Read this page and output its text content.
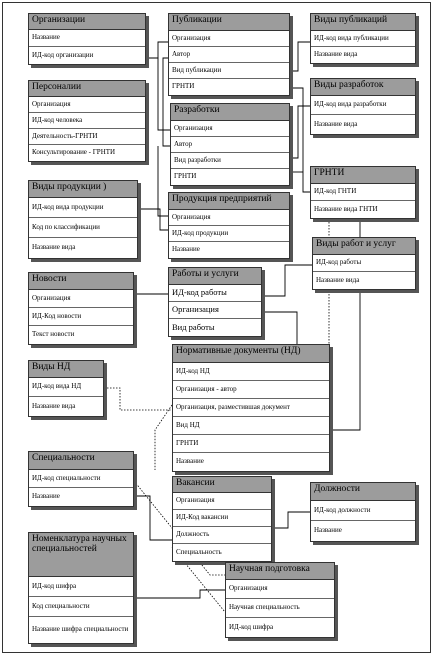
Организации
Название
ИД-код организации
Персоналии
Организация
ИД-код человека
Деятельность-ГРНТИ
Консультирование - ГРНТИ
Публикации
Организация
Автор
Вид публикации
ГРНТИ
Виды публикаций
ИД-код вида публикации
Название вида
Разработки
Организация
Автор
Вид разработки
ГРНТИ
Виды разработок
ИД-код вида разработки
Название вида
Виды продукции )
ИД-код вида продукции
Код по классификации
Название вида
Продукция предприятий
Организация
ИД-код продукции
Название
ГРНТИ
ИД-код ГНТИ
Название вида ГНТИ
Виды работ и услуг
ИД-код работы
Название вида
Новости
Организация
ИД-Код новости
Текст новости
Работы и услуги
ИД-код работы
Организация
Вид работы
Нормативные документы (НД)
ИД-код НД
Организация - автор
Организация, разместившая документ
Вид НД
ГРНТИ
Название
Виды НД
ИД-код вида НД
Название вида
Специальности
ИД-код специальности
Название
Вакансии
Организация
ИД-Код вакансии
Должность
Специальность
Должности
ИД-код должности
Название
Номенклатура научных специальностей
ИД-код шифра
Код специальности
Название шифра специальности
Научная подготовка
Организация
Научная специальность
ИД-код шифра
